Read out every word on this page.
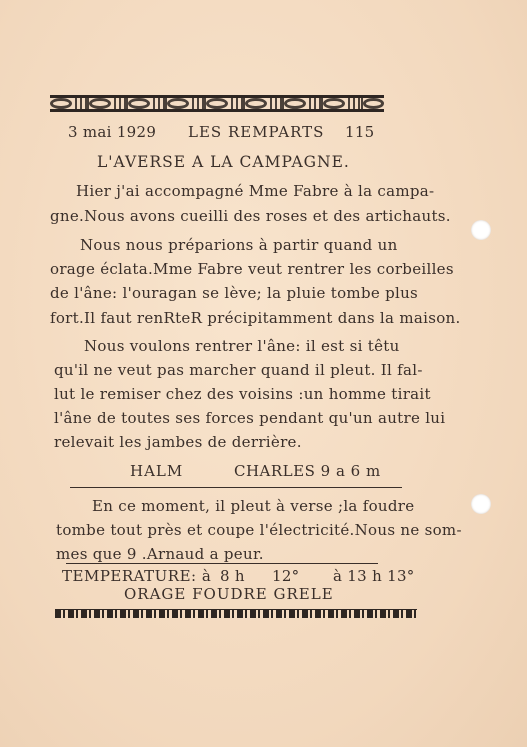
3 mai 1929 LES REMPARTS 115
L'AVERSE A LA CAMPAGNE.
Hier j'ai accompagné Mme Fabre à la campa-
gne.Nous avons cueilli des roses et des artichauts.
Nous nous préparions à partir quand un
orage éclata.Mme Fabre veut rentrer les corbeilles
de l'âne: l'ouragan se lève; la pluie tombe plus
fort.Il faut renRteR précipitamment dans la maison.
Nous voulons rentrer l'âne: il est si têtu
qu'il ne veut pas marcher quand il pleut. Il fal-
lut le remiser chez des voisins :un homme tirait
l'âne de toutes ses forces pendant qu'un autre lui
relevait les jambes de derrière.
HALM	CHARLES 9 a 6 m
En ce moment, il pleut à verse ;la foudre
tombe tout près et coupe l'électricité.Nous ne som-
mes que 9 .Arnaud a peur.
TEMPERATURE: à 8 h 12° à 13 h 13°
ORAGE FOUDRE GRELE
